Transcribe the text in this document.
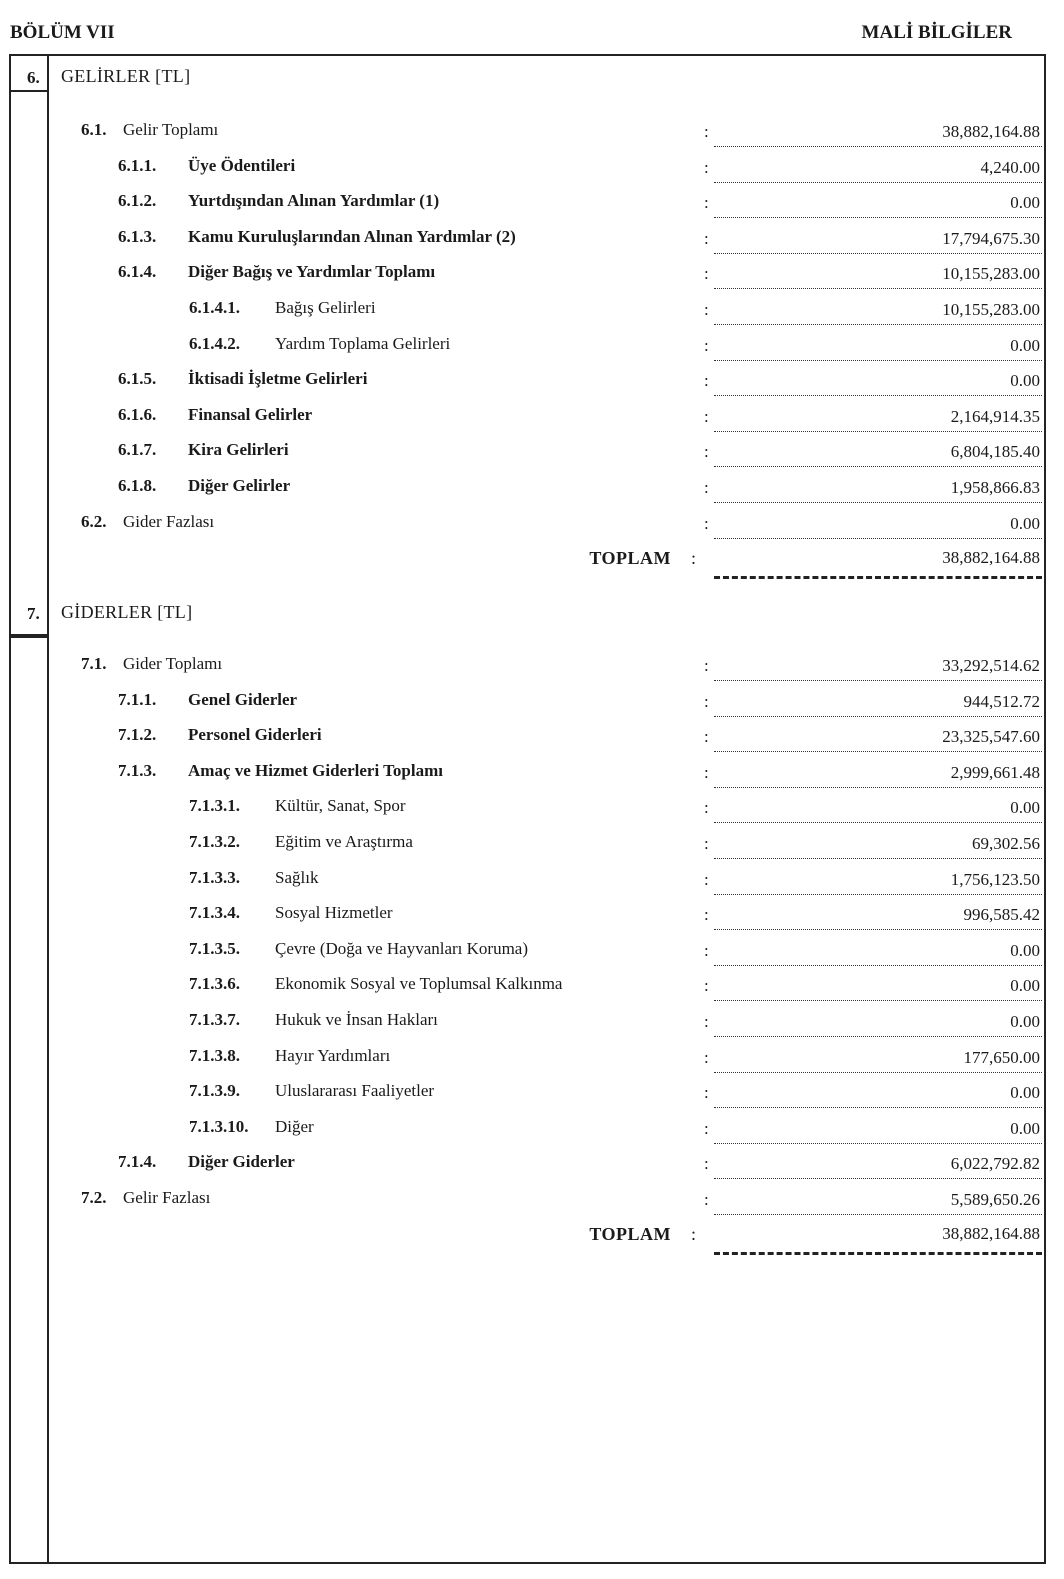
BÖLÜM VII	MALİ BİLGİLER
6. GELİRLER [TL]
6.1. Gelir Toplamı	:	38,882,164.88
6.1.1. Üye Ödentileri	:	4,240.00
6.1.2. Yurtdışından Alınan Yardımlar (1)	:	0.00
6.1.3. Kamu Kuruluşlarından Alınan Yardımlar (2)	:	17,794,675.30
6.1.4. Diğer Bağış ve Yardımlar Toplamı	:	10,155,283.00
6.1.4.1. Bağış Gelirleri	:	10,155,283.00
6.1.4.2. Yardım Toplama Gelirleri	:	0.00
6.1.5. İktisadi İşletme Gelirleri	:	0.00
6.1.6. Finansal Gelirler	:	2,164,914.35
6.1.7. Kira Gelirleri	:	6,804,185.40
6.1.8. Diğer Gelirler	:	1,958,866.83
6.2. Gider Fazlası	:	0.00
TOPLAM :	38,882,164.88
7. GİDERLER [TL]
7.1. Gider Toplamı	:	33,292,514.62
7.1.1. Genel Giderler	:	944,512.72
7.1.2. Personel Giderleri	:	23,325,547.60
7.1.3. Amaç ve Hizmet Giderleri Toplamı	:	2,999,661.48
7.1.3.1. Kültür, Sanat, Spor	:	0.00
7.1.3.2. Eğitim ve Araştırma	:	69,302.56
7.1.3.3. Sağlık	:	1,756,123.50
7.1.3.4. Sosyal Hizmetler	:	996,585.42
7.1.3.5. Çevre (Doğa ve Hayvanları Koruma)	:	0.00
7.1.3.6. Ekonomik Sosyal ve Toplumsal Kalkınma	:	0.00
7.1.3.7. Hukuk ve İnsan Hakları	:	0.00
7.1.3.8. Hayır Yardımları	:	177,650.00
7.1.3.9. Uluslararası Faaliyetler	:	0.00
7.1.3.10. Diğer	:	0.00
7.1.4. Diğer Giderler	:	6,022,792.82
7.2. Gelir Fazlası	:	5,589,650.26
TOPLAM :	38,882,164.88
